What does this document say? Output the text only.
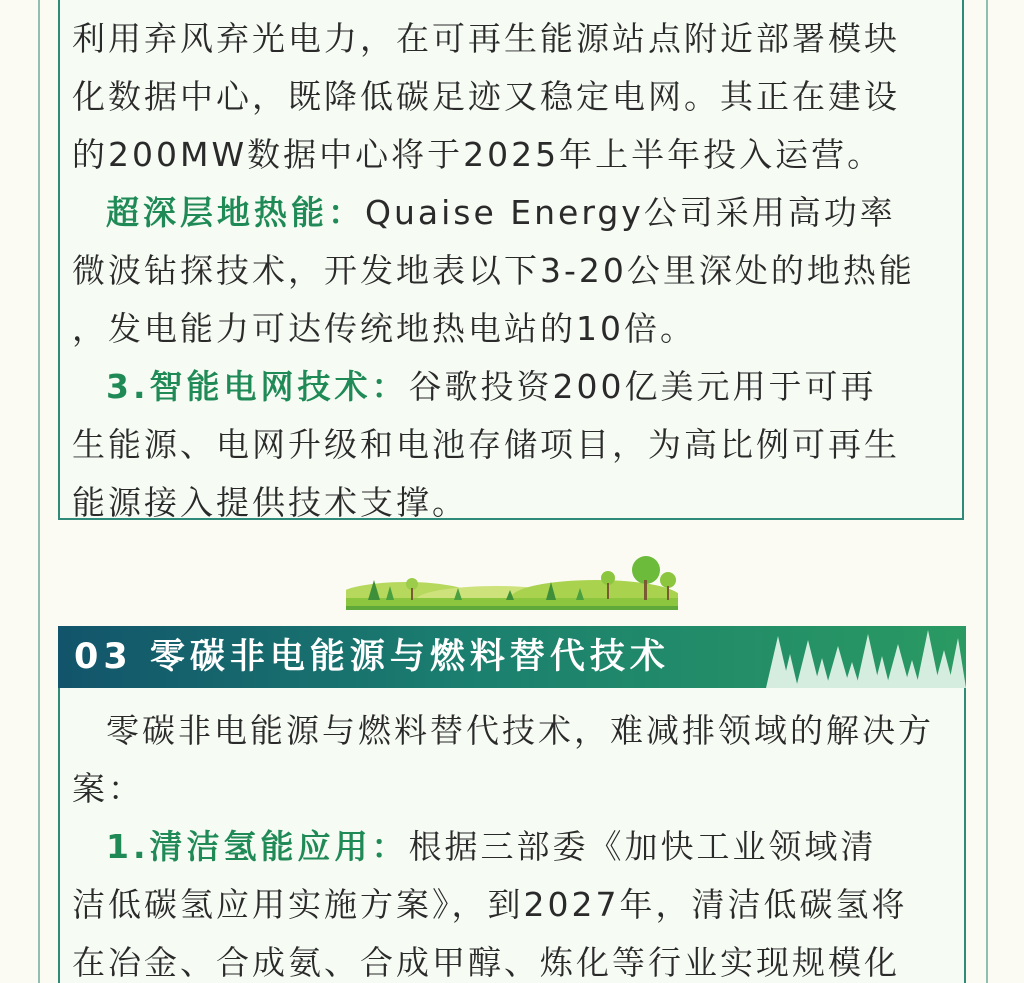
利用弃风弃光电力，在可再生能源站点附近部署模块
化数据中心，既降低碳足迹又稳定电网。其正在建设
的200MW数据中心将于2025年上半年投入运营。
超深层地热能：Quaise Energy公司采用高功率
微波钻探技术，开发地表以下3-20公里深处的地热能
，发电能力可达传统地热电站的10倍。
3.智能电网技术：谷歌投资200亿美元用于可再
生能源、电网升级和电池存储项目，为高比例可再生
能源接入提供技术支撑。
03 零碳非电能源与燃料替代技术
零碳非电能源与燃料替代技术，难减排领域的解决方
案：
1.清洁氢能应用：根据三部委《加快工业领域清
洁低碳氢应用实施方案》，到2027年，清洁低碳氢将
在冶金、合成氨、合成甲醇、炼化等行业实现规模化
